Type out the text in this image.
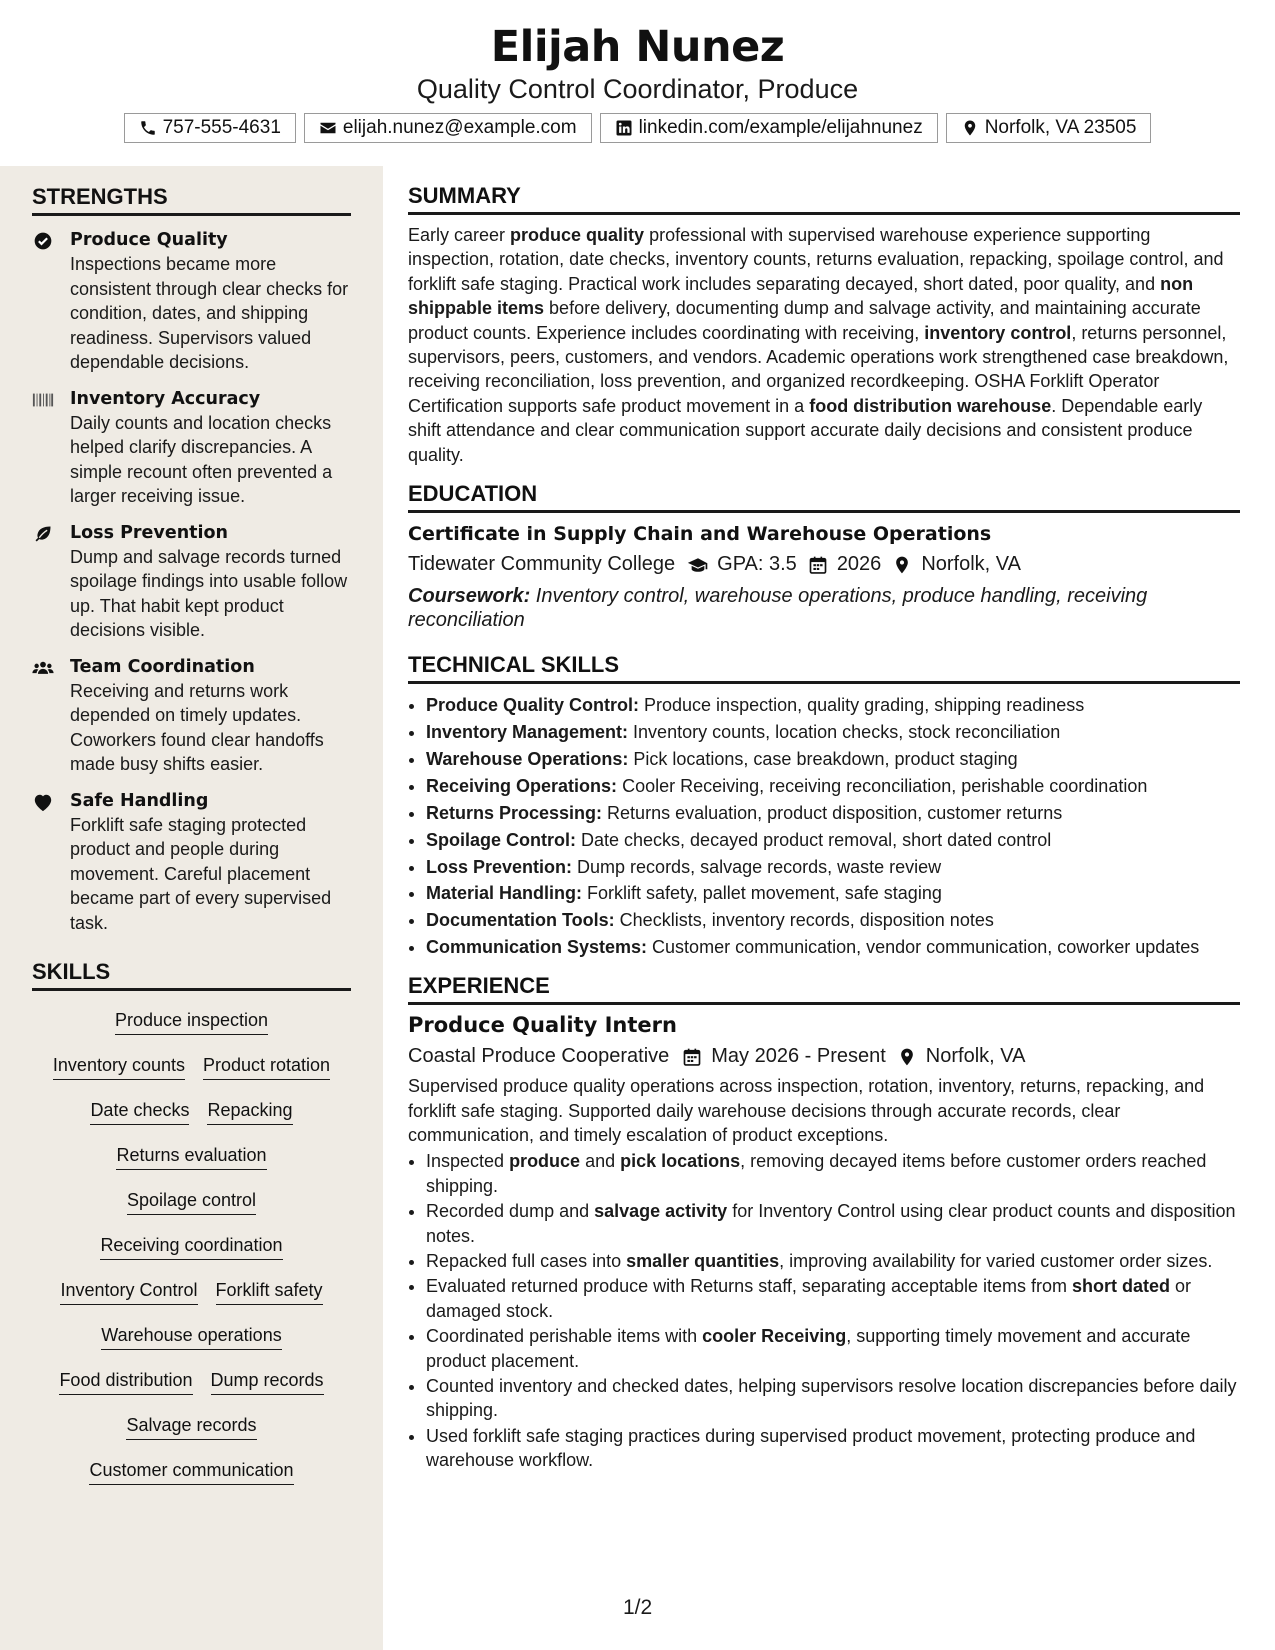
Elijah Nunez
Quality Control Coordinator, Produce
757-555-4631	elijah.nunez@example.com	linkedin.com/example/elijahnunez	Norfolk, VA 23505
STRENGTHS
Produce Quality
Inspections became more consistent through clear checks for condition, dates, and shipping readiness. Supervisors valued dependable decisions.
Inventory Accuracy
Daily counts and location checks helped clarify discrepancies. A simple recount often prevented a larger receiving issue.
Loss Prevention
Dump and salvage records turned spoilage findings into usable follow up. That habit kept product decisions visible.
Team Coordination
Receiving and returns work depended on timely updates. Coworkers found clear handoffs made busy shifts easier.
Safe Handling
Forklift safe staging protected product and people during movement. Careful placement became part of every supervised task.
SKILLS
Produce inspection
Inventory counts Product rotation
Date checks Repacking
Returns evaluation
Spoilage control
Receiving coordination
Inventory Control Forklift safety
Warehouse operations
Food distribution Dump records
Salvage records
Customer communication
SUMMARY
Early career produce quality professional with supervised warehouse experience supporting inspection, rotation, date checks, inventory counts, returns evaluation, repacking, spoilage control, and forklift safe staging. Practical work includes separating decayed, short dated, poor quality, and non shippable items before delivery, documenting dump and salvage activity, and maintaining accurate product counts. Experience includes coordinating with receiving, inventory control, returns personnel, supervisors, peers, customers, and vendors. Academic operations work strengthened case breakdown, receiving reconciliation, loss prevention, and organized recordkeeping. OSHA Forklift Operator Certification supports safe product movement in a food distribution warehouse. Dependable early shift attendance and clear communication support accurate daily decisions and consistent produce quality.
EDUCATION
Certificate in Supply Chain and Warehouse Operations
Tidewater Community College GPA: 3.5 2026 Norfolk, VA
Coursework: Inventory control, warehouse operations, produce handling, receiving reconciliation
TECHNICAL SKILLS
• Produce Quality Control: Produce inspection, quality grading, shipping readiness
• Inventory Management: Inventory counts, location checks, stock reconciliation
• Warehouse Operations: Pick locations, case breakdown, product staging
• Receiving Operations: Cooler Receiving, receiving reconciliation, perishable coordination
• Returns Processing: Returns evaluation, product disposition, customer returns
• Spoilage Control: Date checks, decayed product removal, short dated control
• Loss Prevention: Dump records, salvage records, waste review
• Material Handling: Forklift safety, pallet movement, safe staging
• Documentation Tools: Checklists, inventory records, disposition notes
• Communication Systems: Customer communication, vendor communication, coworker updates
EXPERIENCE
Produce Quality Intern
Coastal Produce Cooperative May 2026 - Present Norfolk, VA
Supervised produce quality operations across inspection, rotation, inventory, returns, repacking, and forklift safe staging. Supported daily warehouse decisions through accurate records, clear communication, and timely escalation of product exceptions.
• Inspected produce and pick locations, removing decayed items before customer orders reached shipping.
• Recorded dump and salvage activity for Inventory Control using clear product counts and disposition notes.
• Repacked full cases into smaller quantities, improving availability for varied customer order sizes.
• Evaluated returned produce with Returns staff, separating acceptable items from short dated or damaged stock.
• Coordinated perishable items with cooler Receiving, supporting timely movement and accurate product placement.
• Counted inventory and checked dates, helping supervisors resolve location discrepancies before daily shipping.
• Used forklift safe staging practices during supervised product movement, protecting produce and warehouse workflow.
1/2
